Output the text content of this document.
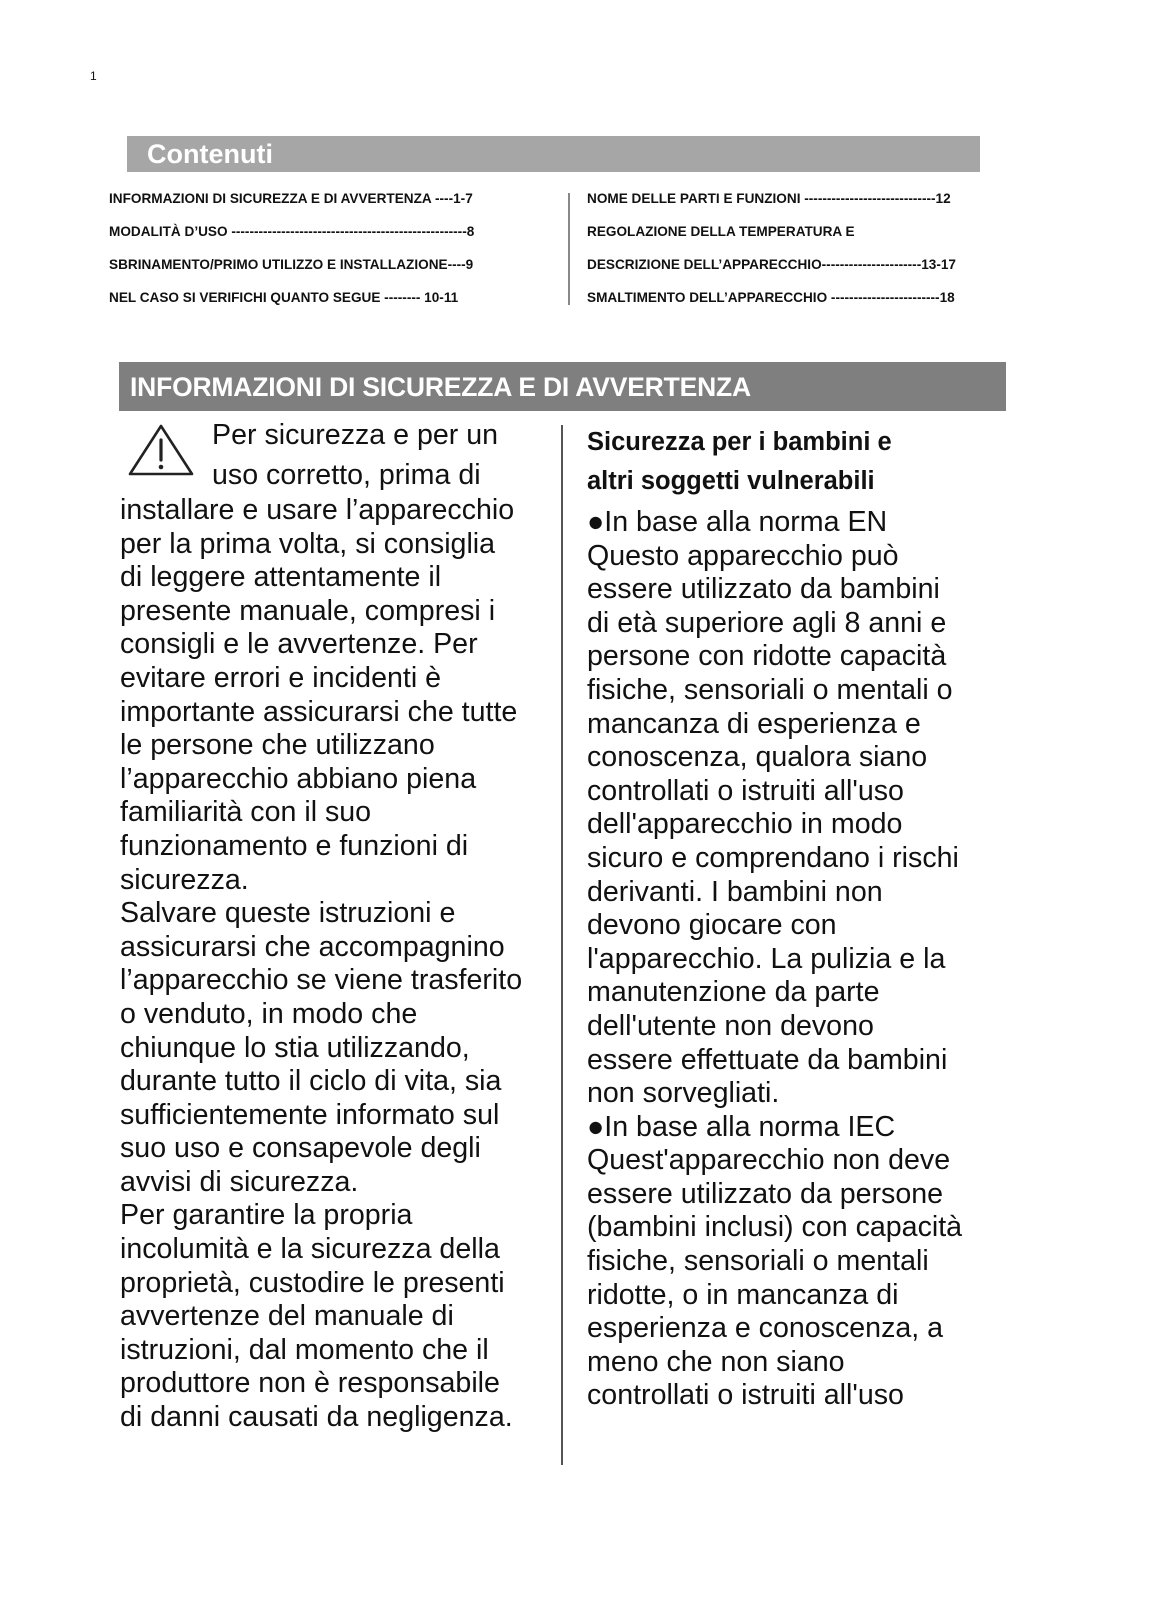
1
Contenuti
INFORMAZIONI DI SICUREZZA E DI AVVERTENZA ----1-7
MODALITÀ D’USO ----------------------------------------------------8
SBRINAMENTO/PRIMO UTILIZZO E INSTALLAZIONE----9
NEL CASO SI VERIFICHI QUANTO SEGUE -------- 10-11
NOME DELLE PARTI E FUNZIONI -----------------------------12
REGOLAZIONE DELLA TEMPERATURA E
DESCRIZIONE DELL’APPARECCHIO----------------------13-17
SMALTIMENTO DELL’APPARECCHIO ------------------------18
INFORMAZIONI DI SICUREZZA E DI AVVERTENZA
Per sicurezza e per un
uso corretto, prima di
installare e usare l’apparecchio
per la prima volta, si consiglia
di leggere attentamente il
presente manuale, compresi i
consigli e le avvertenze. Per
evitare errori e incidenti è
importante assicurarsi che tutte
le persone che utilizzano
l’apparecchio abbiano piena
familiarità con il suo
funzionamento e funzioni di
sicurezza.
Salvare queste istruzioni e
assicurarsi che accompagnino
l’apparecchio se viene trasferito
o venduto, in modo che
chiunque lo stia utilizzando,
durante tutto il ciclo di vita, sia
sufficientemente informato sul
suo uso e consapevole degli
avvisi di sicurezza.
Per garantire la propria
incolumità e la sicurezza della
proprietà, custodire le presenti
avvertenze del manuale di
istruzioni, dal momento che il
produttore non è responsabile
di danni causati da negligenza.
Sicurezza per i bambini e
altri soggetti vulnerabili
●In base alla norma EN
Questo apparecchio può
essere utilizzato da bambini
di età superiore agli 8 anni e
persone con ridotte capacità
fisiche, sensoriali o mentali o
mancanza di esperienza e
conoscenza, qualora siano
controllati o istruiti all'uso
dell'apparecchio in modo
sicuro e comprendano i rischi
derivanti. I bambini non
devono giocare con
l'apparecchio. La pulizia e la
manutenzione da parte
dell'utente non devono
essere effettuate da bambini
non sorvegliati.
●In base alla norma IEC
Quest'apparecchio non deve
essere utilizzato da persone
(bambini inclusi) con capacità
fisiche, sensoriali o mentali
ridotte, o in mancanza di
esperienza e conoscenza, a
meno che non siano
controllati o istruiti all'uso
